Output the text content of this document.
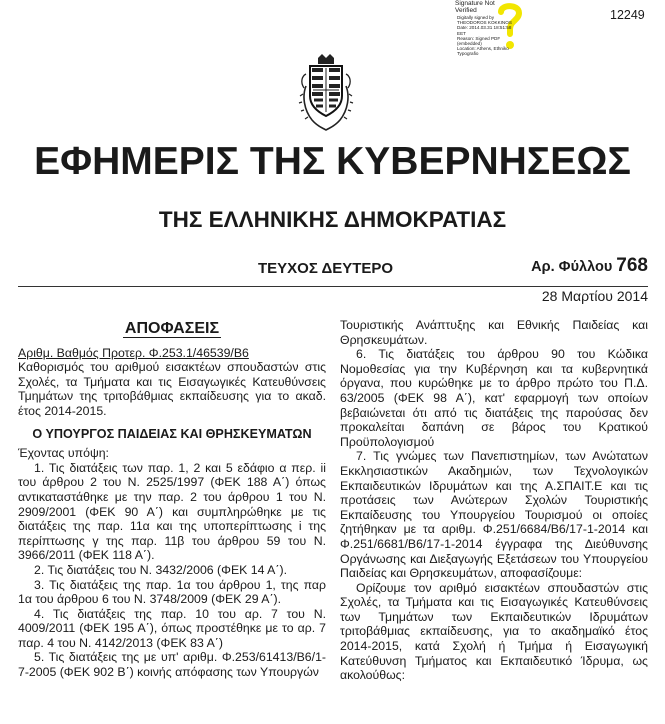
12249
Signature Not
Verified
Digitally signed by
THEODOROS KOKKINOS
Date: 2014.03.31 18:51:58
EET
Reason: Signed PDF
(embedded)
Location: Athens, Ethniko
Typografio
ΕΦΗΜΕΡΙΣ ΤΗΣ ΚΥΒΕΡΝΗΣΕΩΣ
ΤΗΣ ΕΛΛΗΝΙΚΗΣ ΔΗΜΟΚΡΑΤΙΑΣ
ΤΕΥΧΟΣ ΔΕΥΤΕΡΟ	Αρ. Φύλλου 768
28 Μαρτίου 2014

ΑΠΟΦΑΣΕΙΣ

Αριθμ. Βαθμός Προτερ. Φ.253.1/46539/Β6

Καθορισμός του αριθμού εισακτέων σπουδαστών στις Σχολές, τα Τμήματα και τις Εισαγωγικές Κατευθύνσεις Τμημάτων της τριτοβάθμιας εκπαίδευσης για το ακαδ. έτος 2014-2015.

Ο ΥΠΟΥΡΓΟΣ ΠΑΙΔΕΙΑΣ ΚΑΙ ΘΡΗΣΚΕΥΜΑΤΩΝ

Έχοντας υπόψη:

1. Τις διατάξεις των παρ. 1, 2 και 5 εδάφιο α περ. ii του άρθρου 2 του Ν. 2525/1997 (ΦΕΚ 188 Α΄) όπως αντικαταστάθηκε με την παρ. 2 του άρθρου 1 του Ν. 2909/2001 (ΦΕΚ 90 Α΄) και συμπληρώθηκε με τις διατάξεις της παρ. 11α και της υποπερίπτωσης i της περίπτωσης γ της παρ. 11β του άρθρου 59 του Ν. 3966/2011 (ΦΕΚ 118 Α΄).

2. Τις διατάξεις του Ν. 3432/2006 (ΦΕΚ 14 Α΄).

3. Τις διατάξεις της παρ. 1α του άρθρου 1, της παρ 1α του άρθρου 6 του Ν. 3748/2009 (ΦΕΚ 29 Α΄).

4. Τις διατάξεις της παρ. 10 του αρ. 7 του Ν. 4009/2011 (ΦΕΚ 195 Α΄), όπως προστέθηκε με το αρ. 7 παρ. 4 του Ν. 4142/2013 (ΦΕΚ 83 Α΄)

5. Τις διατάξεις της με υπ' αριθμ. Φ.253/61413/Β6/1-7-2005 (ΦΕΚ 902 Β΄) κοινής απόφασης των Υπουργών

Τουριστικής Ανάπτυξης και Εθνικής Παιδείας και Θρησκευμάτων.

6. Τις διατάξεις του άρθρου 90 του Κώδικα Νομοθεσίας για την Κυβέρνηση και τα κυβερνητικά όργανα, που κυρώθηκε με το άρθρο πρώτο του Π.Δ. 63/2005 (ΦΕΚ 98 Α΄), κατ' εφαρμογή των οποίων βεβαιώνεται ότι από τις διατάξεις της παρούσας δεν προκαλείται δαπάνη σε βάρος του Κρατικού Προϋπολογισμού

7. Τις γνώμες των Πανεπιστημίων, των Ανώτατων Εκκλησιαστικών Ακαδημιών, των Τεχνολογικών Εκπαιδευτικών Ιδρυμάτων και της Α.ΣΠΑΙΤ.Ε και τις προτάσεις των Ανώτερων Σχολών Τουριστικής Εκπαίδευσης του Υπουργείου Τουρισμού οι οποίες ζητήθηκαν με τα αριθμ. Φ.251/6684/Β6/17-1-2014 και Φ.251/6681/Β6/17-1-2014 έγγραφα της Διεύθυνσης Οργάνωσης και Διεξαγωγής Εξετάσεων του Υπουργείου Παιδείας και Θρησκευμάτων, αποφασίζουμε:

Ορίζουμε τον αριθμό εισακτέων σπουδαστών στις Σχολές, τα Τμήματα και τις Εισαγωγικές Κατευθύνσεις των Τμημάτων των Εκπαιδευτικών Ιδρυμάτων τριτοβάθμιας εκπαίδευσης, για το ακαδημαϊκό έτος 2014-2015, κατά Σχολή ή Τμήμα ή Εισαγωγική Κατεύθυνση Τμήματος και Εκπαιδευτικό Ίδρυμα, ως ακολούθως:
